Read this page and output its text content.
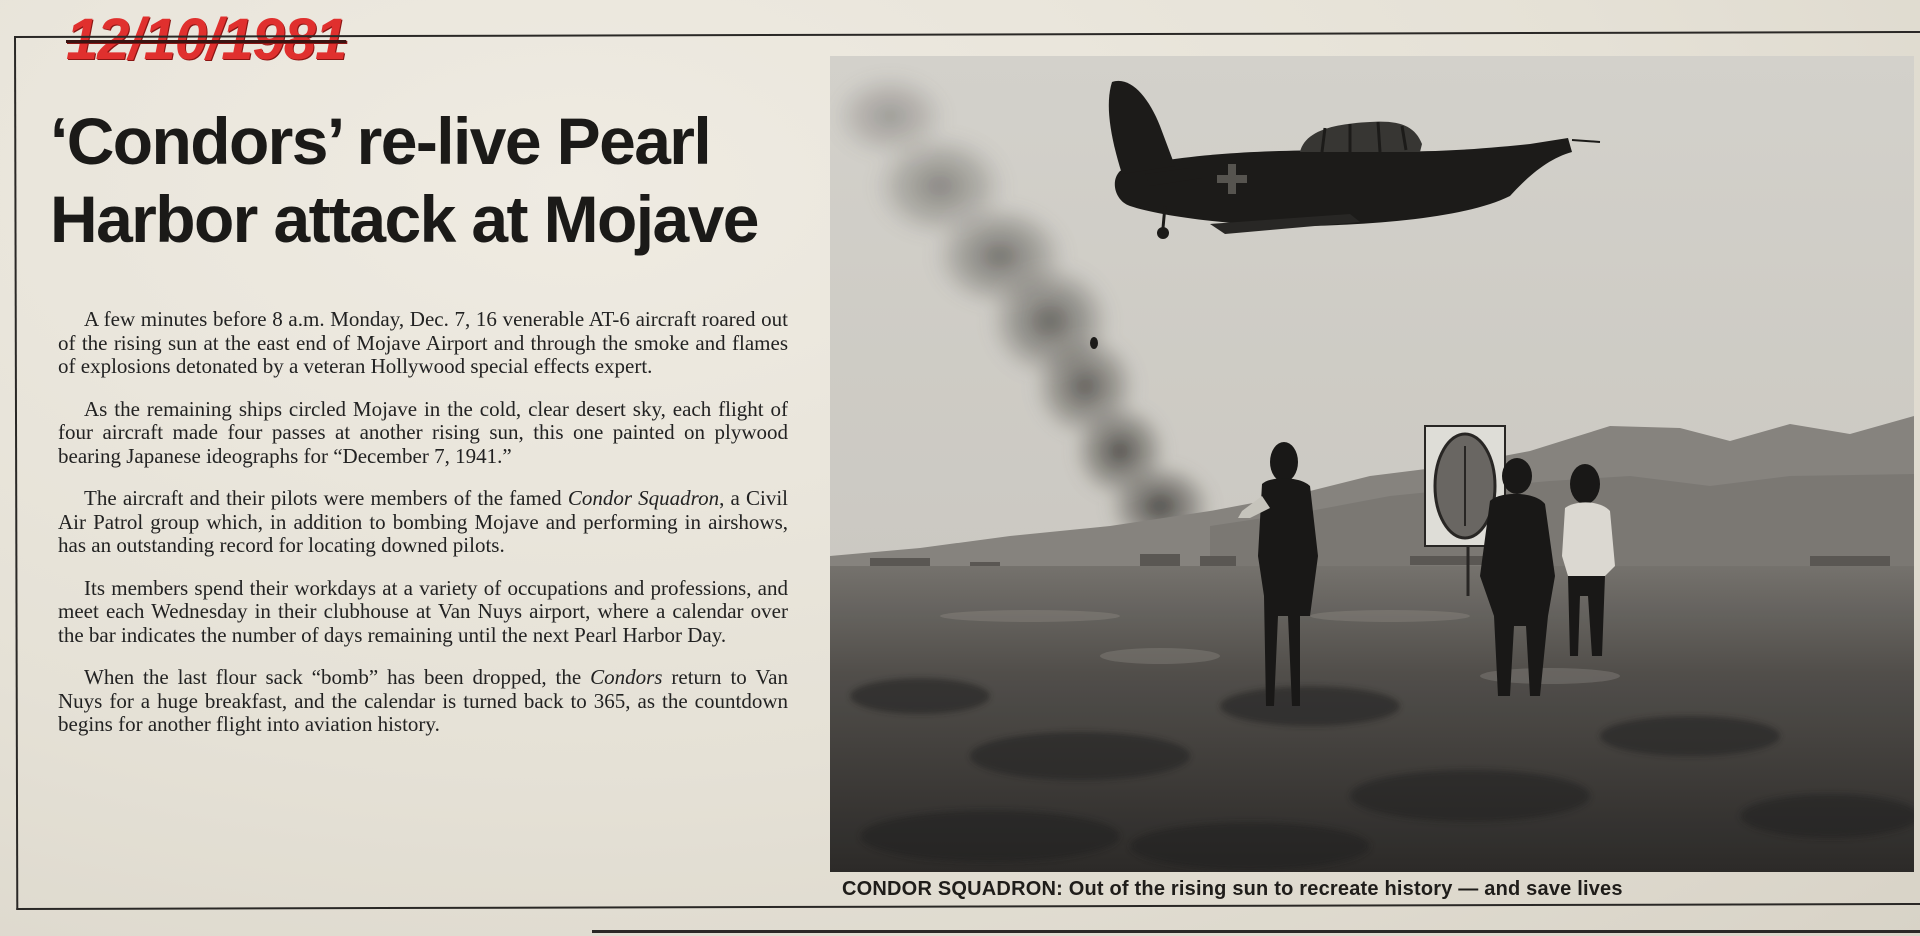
12/10/1981
‘Condors’ re-live Pearl
Harbor attack at Mojave

A few minutes before 8 a.m. Monday, Dec. 7, 16 venerable AT-6 aircraft roared out of the rising sun at the east end of Mojave Airport and through the smoke and flames of explosions detonated by a veteran Hollywood special effects expert.

As the remaining ships circled Mojave in the cold, clear desert sky, each flight of four aircraft made four passes at another rising sun, this one painted on plywood bearing Japanese ideographs for “December 7, 1941.”

The aircraft and their pilots were members of the famed Condor Squadron, a Civil Air Patrol group which, in addition to bombing Mojave and performing in airshows, has an outstanding record for locating downed pilots.

Its members spend their workdays at a variety of occupations and professions, and meet each Wednesday in their clubhouse at Van Nuys airport, where a calendar over the bar indicates the number of days remaining until the next Pearl Harbor Day.

When the last flour sack “bomb” has been dropped, the Condors return to Van Nuys for a huge breakfast, and the calendar is turned back to 365, as the countdown begins for another flight into aviation history.

CONDOR SQUADRON: Out of the rising sun to recreate history — and save lives
